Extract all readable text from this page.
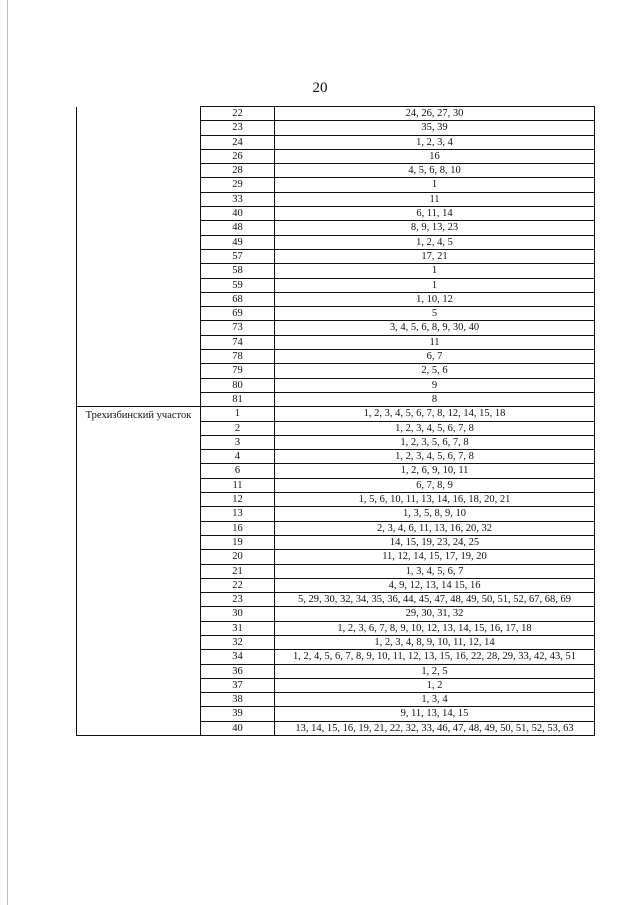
20
	22	24, 26, 27, 30
	23	35, 39
	24	1, 2, 3, 4
	26	16
	28	4, 5, 6, 8, 10
	29	1
	33	11
	40	6, 11, 14
	48	8, 9, 13, 23
	49	1, 2, 4, 5
	57	17, 21
	58	1
	59	1
	68	1, 10, 12
	69	5
	73	3, 4, 5, 6, 8, 9, 30, 40
	74	11
	78	6, 7
	79	2, 5, 6
	80	9
	81	8
Трехизбинский участок	1	1, 2, 3, 4, 5, 6, 7, 8, 12, 14, 15, 18
	2	1, 2, 3, 4, 5, 6, 7, 8
	3	1, 2, 3, 5, 6, 7, 8
	4	1, 2, 3, 4, 5, 6, 7, 8
	6	1, 2, 6, 9, 10, 11
	11	6, 7, 8, 9
	12	1, 5, 6, 10, 11, 13, 14, 16, 18, 20, 21
	13	1, 3, 5, 8, 9, 10
	16	2, 3, 4, 6, 11, 13, 16, 20, 32
	19	14, 15, 19, 23, 24, 25
	20	11, 12, 14, 15, 17, 19, 20
	21	1, 3, 4, 5, 6, 7
	22	4, 9, 12, 13, 14 15, 16
	23	5, 29, 30, 32, 34, 35, 36, 44, 45, 47, 48, 49, 50, 51, 52, 67, 68, 69
	30	29, 30, 31, 32
	31	1, 2, 3, 6, 7, 8, 9, 10, 12, 13, 14, 15, 16, 17, 18
	32	1, 2, 3, 4, 8, 9, 10, 11, 12, 14
	34	1, 2, 4, 5, 6, 7, 8, 9, 10, 11, 12, 13, 15, 16, 22, 28, 29, 33, 42, 43, 51
	36	1, 2, 5
	37	1, 2
	38	1, 3, 4
	39	9, 11, 13, 14, 15
	40	13, 14, 15, 16, 19, 21, 22, 32, 33, 46, 47, 48, 49, 50, 51, 52, 53, 63
